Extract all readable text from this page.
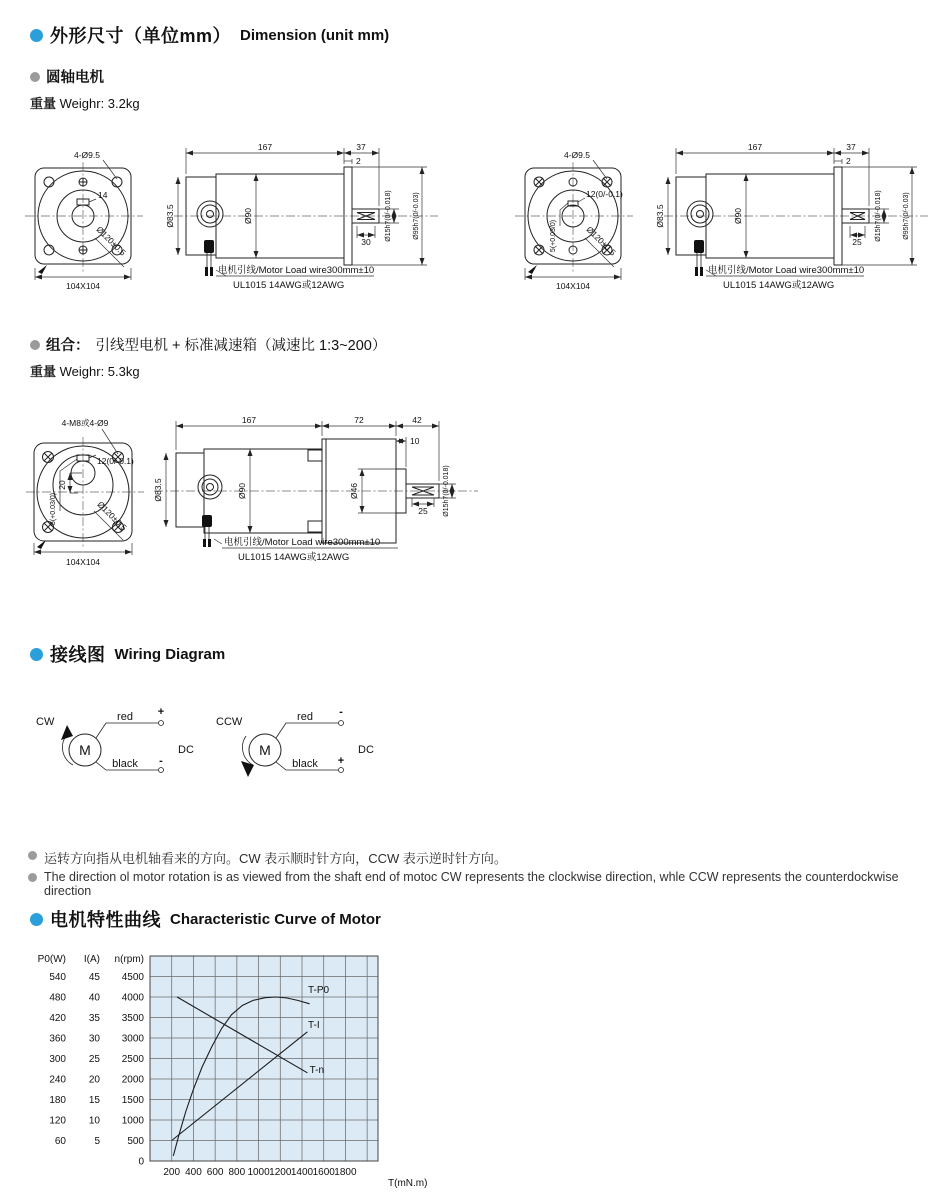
外形尺寸（单位mm） Dimension (unit mm)
圆轴电机
重量 Weighr: 3.2kg
4-Ø9.5
14
Ø120±0.5
104X104
167	37
2
Ø83.5	Ø90	Ø15h7(0/-0.018)	Ø95h7(0/-0.03)
30
电机引线/Motor Load wire300mm±10
UL1015 14AWG或12AWG
4-Ø9.5
12(0/-0.1)
5(+0.03/0)	Ø120±0.5
104X104
167	37
2
Ø83.5	Ø90	Ø15h7(0/-0.018)	Ø95h7(0/-0.03)
25
电机引线/Motor Load wire300mm±10
UL1015 14AWG或12AWG
组合： 引线型电机 + 标准减速箱（减速比 1:3~200）
重量 Weighr: 5.3kg
4-M8或4-Ø9
12(0/-0.1)
20
5(+0.03/0)	Ø120±0.5
104X104
167	72	42
10
Ø46
25 Ø15h7(0/-0.018)
Ø83.5	Ø90
电机引线/Motor Load wire300mm±10
UL1015 14AWG或12AWG
接线图 Wiring Diagram
CW
M
red
black
+
-
DC
CCW
M
red
black
-
+
DC
运转方向指从电机轴看来的方向。CW 表示顺时针方向，CCW 表示逆时针方向。
The direction ol motor rotation is as viewed from the shaft end of motoc CW represents the clockwise direction, whle CCW represents the counterdockwise direction
电机特性曲线 Characteristic Curve of Motor
T-P0
T-I
T-n
200 400 600 800 1000 1200 1400 1600 1800
T(mN.m)
P0(W) I(A) n(rpm)
540
480
420
360
300
240
180
120
60
45
40
35
30
25
20
15
10
5
4500
4000
3500
3000
2500
2000
1500
1000
500
0
